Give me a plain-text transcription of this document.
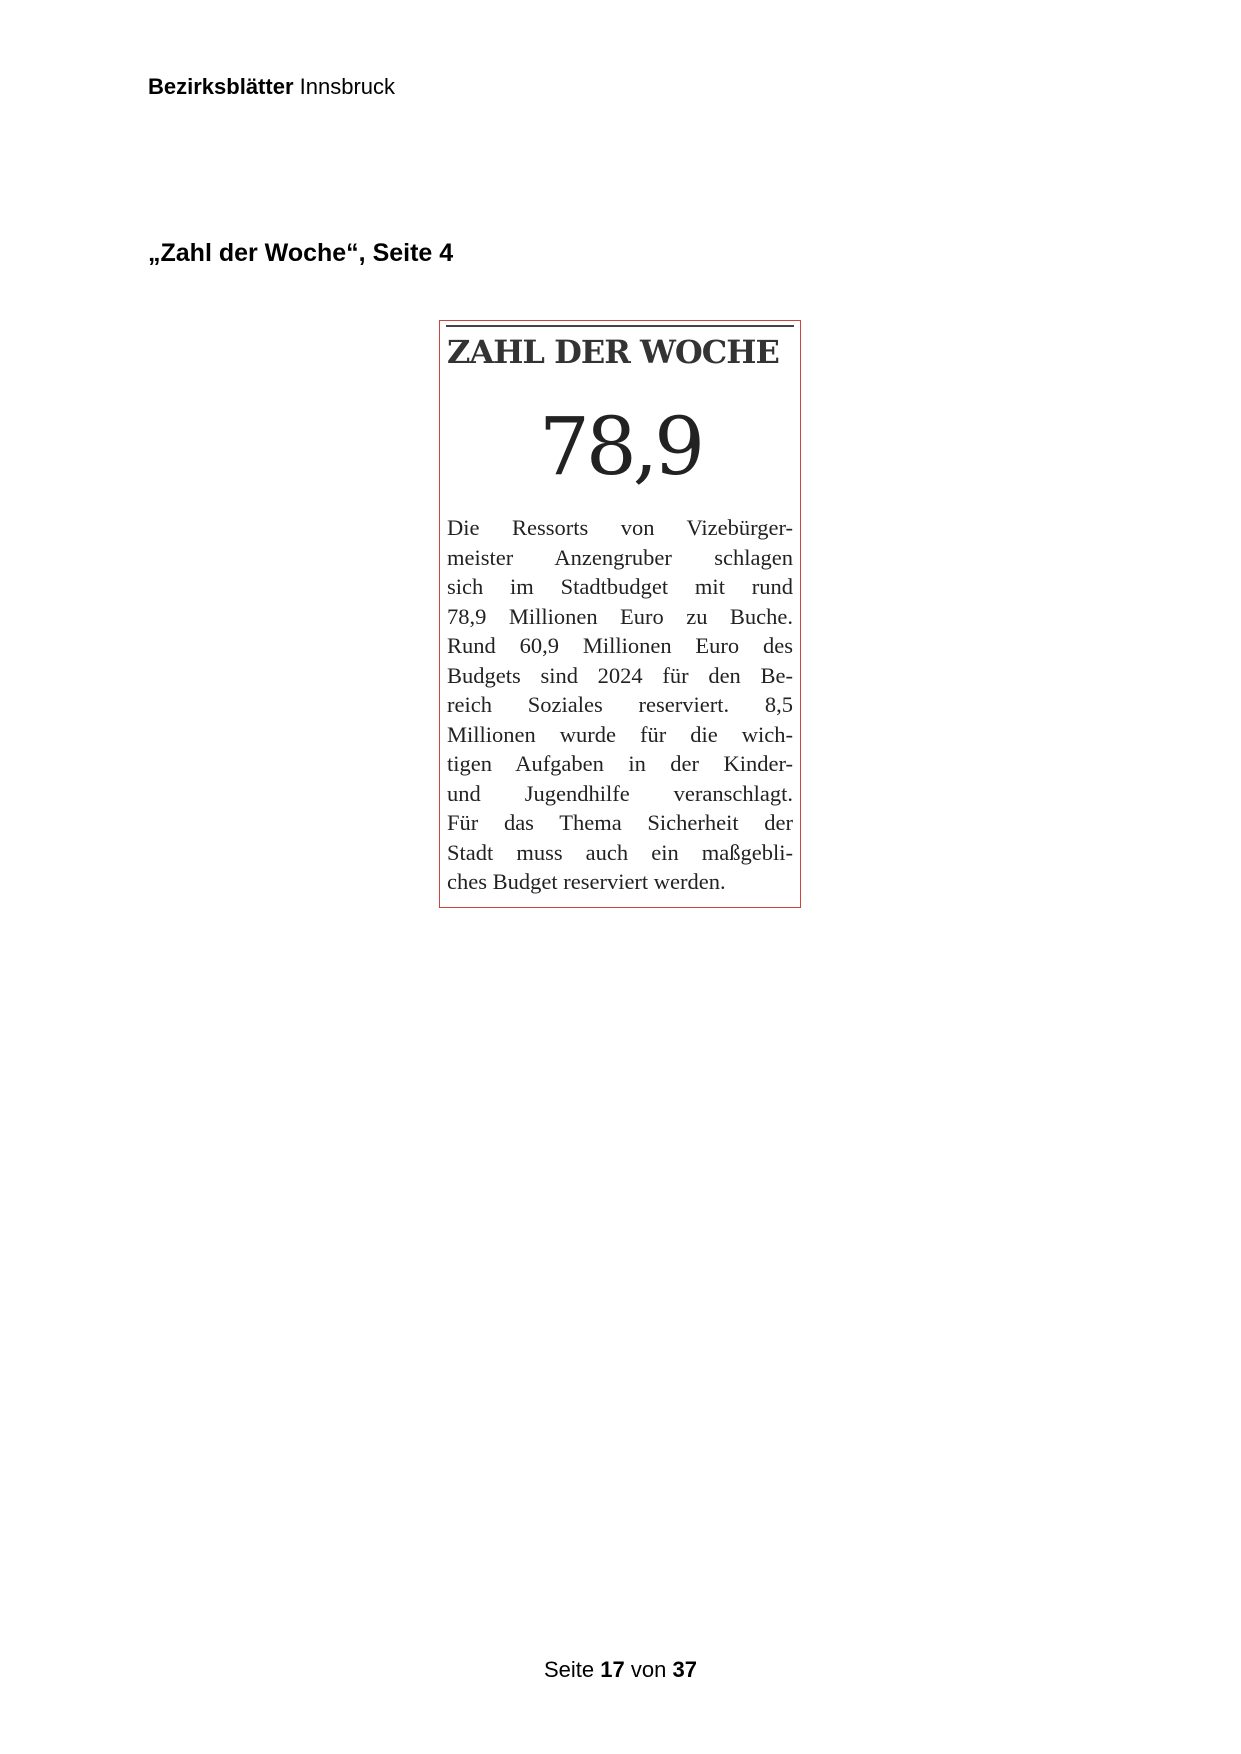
Bezirksblätter Innsbruck
„Zahl der Woche“, Seite 4
ZAHL DER WOCHE
78,9

Die Ressorts von Vizebürger-
meister Anzengruber schlagen
sich im Stadtbudget mit rund
78,9 Millionen Euro zu Buche.
Rund 60,9 Millionen Euro des
Budgets sind 2024 für den Be-
reich Soziales reserviert. 8,5
Millionen wurde für die wich-
tigen Aufgaben in der Kinder-
und Jugendhilfe veranschlagt.
Für das Thema Sicherheit der
Stadt muss auch ein maßgebli-
ches Budget reserviert werden.

Seite 17 von 37
